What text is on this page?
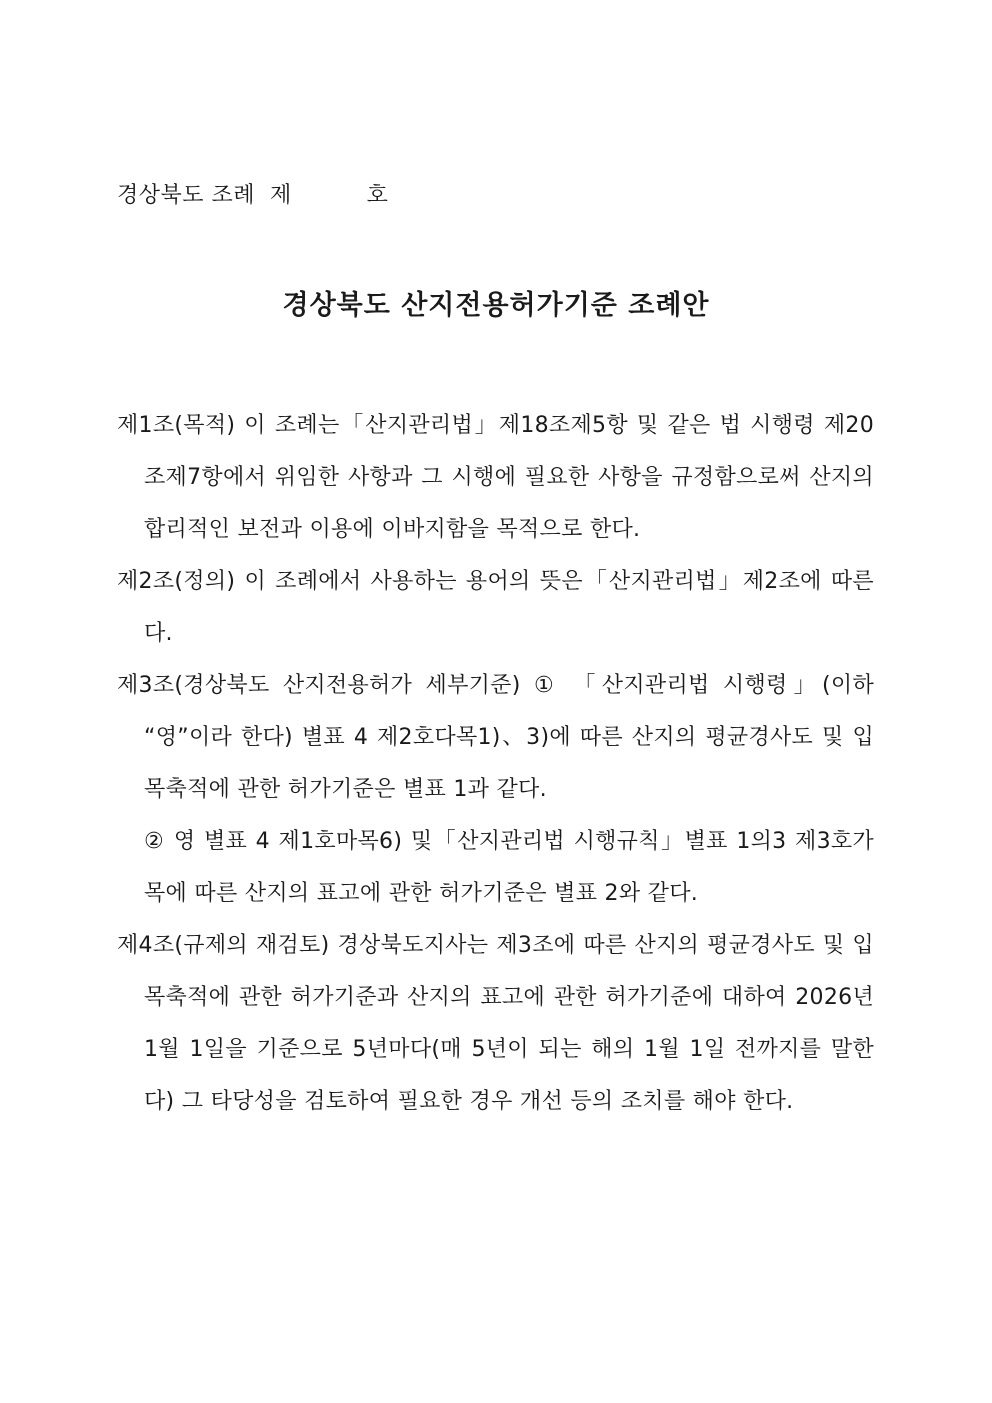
경상북도 조례  제          호
경상북도 산지전용허가기준 조례안

제1조(목적) 이 조례는「산지관리법」제18조제5항 및 같은 법 시행령 제20조제7항에서 위임한 사항과 그 시행에 필요한 사항을 규정함으로써 산지의 합리적인 보전과 이용에 이바지함을 목적으로 한다.

제2조(정의) 이 조례에서 사용하는 용어의 뜻은「산지관리법」제2조에 따른다.

제3조(경상북도 산지전용허가 세부기준) ① 「산지관리법 시행령」(이하 “영”이라 한다) 별표 4 제2호다목1)、3)에 따른 산지의 평균경사도 및 입목축적에 관한 허가기준은 별표 1과 같다.

② 영 별표 4 제1호마목6) 및「산지관리법 시행규칙」별표 1의3 제3호가목에 따른 산지의 표고에 관한 허가기준은 별표 2와 같다.

제4조(규제의 재검토) 경상북도지사는 제3조에 따른 산지의 평균경사도 및 입목축적에 관한 허가기준과 산지의 표고에 관한 허가기준에 대하여 2026년 1월 1일을 기준으로 5년마다(매 5년이 되는 해의 1월 1일 전까지를 말한다) 그 타당성을 검토하여 필요한 경우 개선 등의 조치를 해야 한다.
